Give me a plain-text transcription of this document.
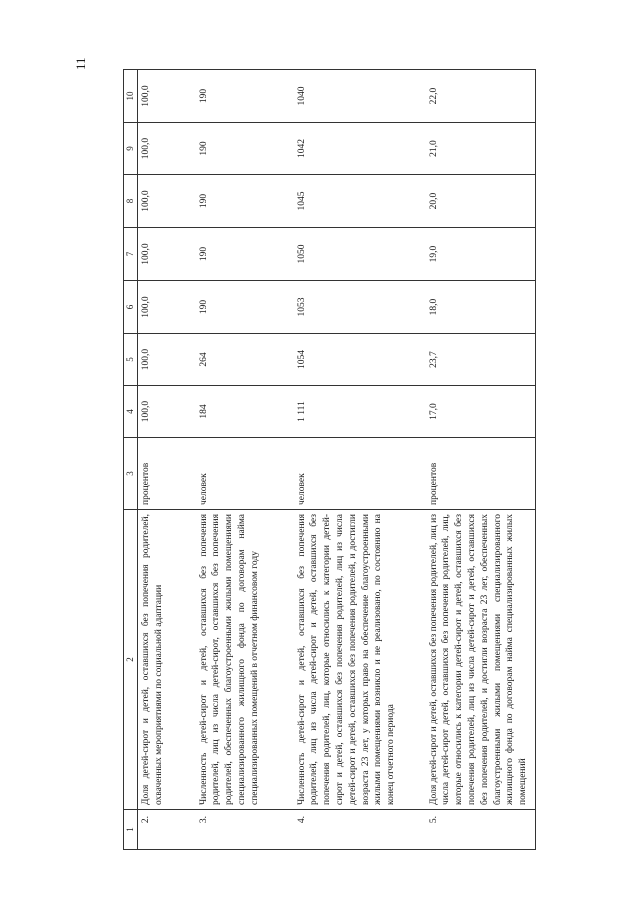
11
1	2	3	4	5	6	7	8	9	10
2.	Доля детей-сирот и детей, оставшихся без попечения родителей, охваченных мероприятиями по социальной адаптации	процентов	100,0	100,0	100,0	100,0	100,0	100,0	100,0
3.	Численность детей-сирот и детей, оставшихся без попечения родителей, лиц из числа детей-сирот, оставшихся без попечения родителей, обеспеченных благоустроенными жилыми помещениями специализированного жилищного фонда по договорам найма специализированных помещений в отчетном финансовом году	человек	184	264	190	190	190	190	190
4.	Численность детей-сирот и детей, оставшихся без попечения родителей, лиц из числа детей-сирот и детей, оставшихся без попечения родителей, лиц, которые относились к категории детей-сирот и детей, оставшихся без попечения родителей, лиц из числа детей-сирот и детей, оставшихся без попечения родителей, и достигли возраста 23 лет, у которых право на обеспечение благоустроенными жилыми помещениями возникло и не реализовано, по состоянию на конец отчетного периода	человек	1 111	1054	1053	1050	1045	1042	1040
5.	Доля детей-сирот и детей, оставшихся без попечения родителей, лиц из числа детей-сирот детей, оставшихся без попечения родителей, лиц, которые относились к категории детей-сирот и детей, оставшихся без попечения родителей, лиц из числа детей-сирот и детей, оставшихся без попечения родителей, и достигли возраста 23 лет, обеспеченных благоустроенными жилыми помещениями специализированного жилищного фонда по договорам найма специализированных жилых помещений	процентов	17,0	23,7	18,0	19,0	20,0	21,0	22,0
